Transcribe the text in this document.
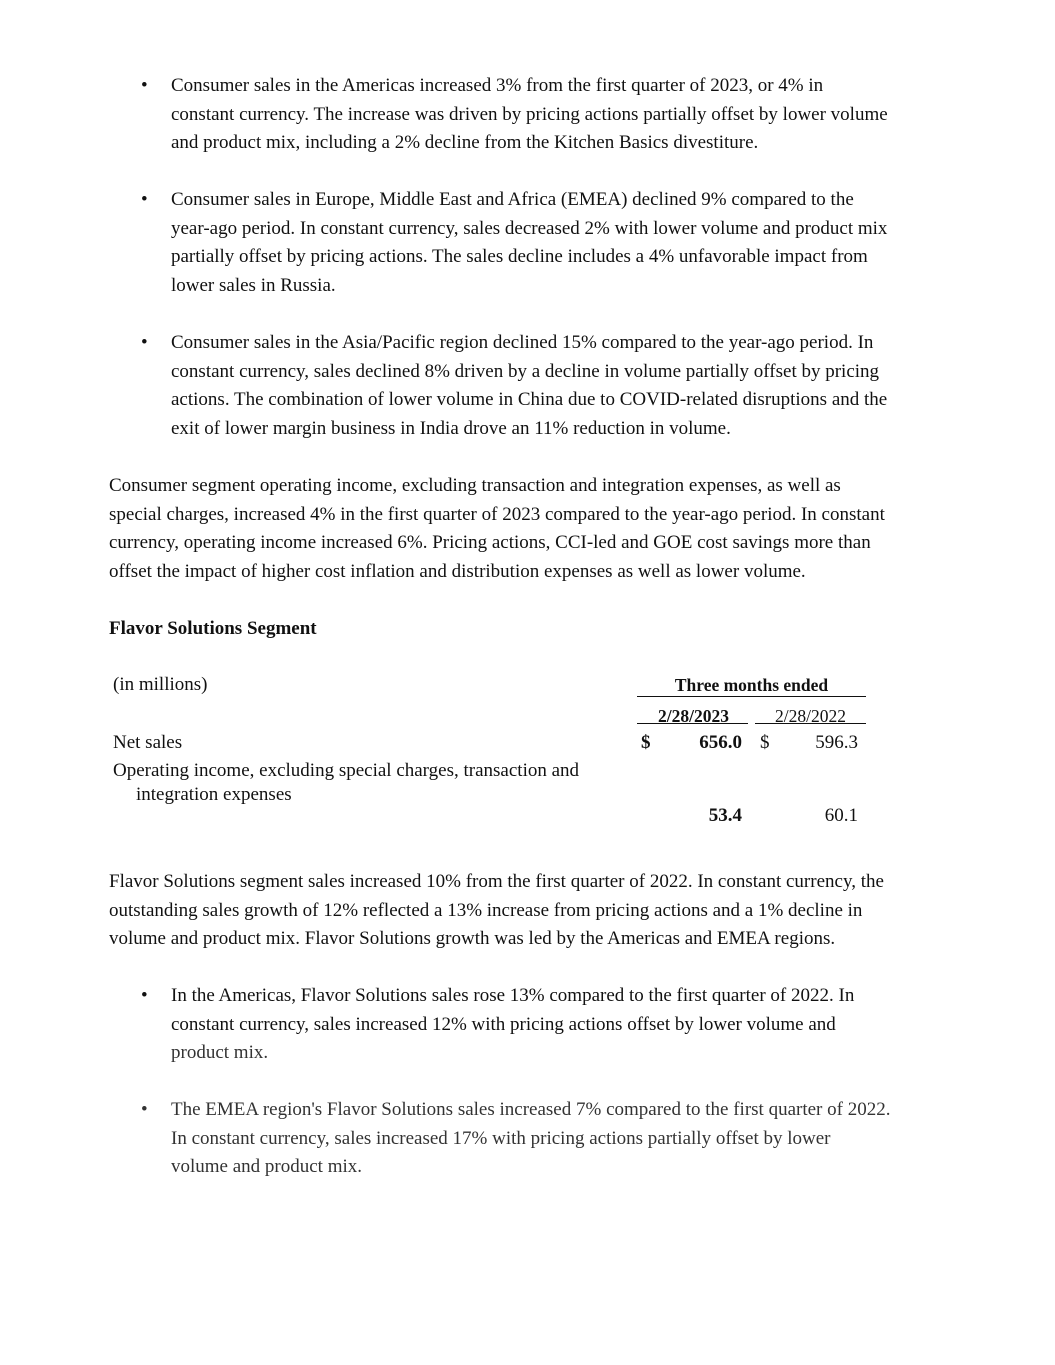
• Consumer sales in the Americas increased 3% from the first quarter of 2023, or 4% in
constant currency. The increase was driven by pricing actions partially offset by lower volume
and product mix, including a 2% decline from the Kitchen Basics divestiture.
• Consumer sales in Europe, Middle East and Africa (EMEA) declined 9% compared to the
year-ago period. In constant currency, sales decreased 2% with lower volume and product mix
partially offset by pricing actions. The sales decline includes a 4% unfavorable impact from
lower sales in Russia.
• Consumer sales in the Asia/Pacific region declined 15% compared to the year-ago period. In
constant currency, sales declined 8% driven by a decline in volume partially offset by pricing
actions. The combination of lower volume in China due to COVID-related disruptions and the
exit of lower margin business in India drove an 11% reduction in volume.
Consumer segment operating income, excluding transaction and integration expenses, as well as
special charges, increased 4% in the first quarter of 2023 compared to the year-ago period. In constant
currency, operating income increased 6%. Pricing actions, CCI-led and GOE cost savings more than
offset the impact of higher cost inflation and distribution expenses as well as lower volume.
Flavor Solutions Segment
(in millions)	Three months ended
2/28/2023	2/28/2022
Net sales	$	656.0 $	596.3
Operating income, excluding special charges, transaction and
integration expenses
53.4	60.1
Flavor Solutions segment sales increased 10% from the first quarter of 2022. In constant currency, the
outstanding sales growth of 12% reflected a 13% increase from pricing actions and a 1% decline in
volume and product mix. Flavor Solutions growth was led by the Americas and EMEA regions.
• In the Americas, Flavor Solutions sales rose 13% compared to the first quarter of 2022. In
constant currency, sales increased 12% with pricing actions offset by lower volume and
product mix.
• The EMEA region's Flavor Solutions sales increased 7% compared to the first quarter of 2022.
In constant currency, sales increased 17% with pricing actions partially offset by lower
volume and product mix.
